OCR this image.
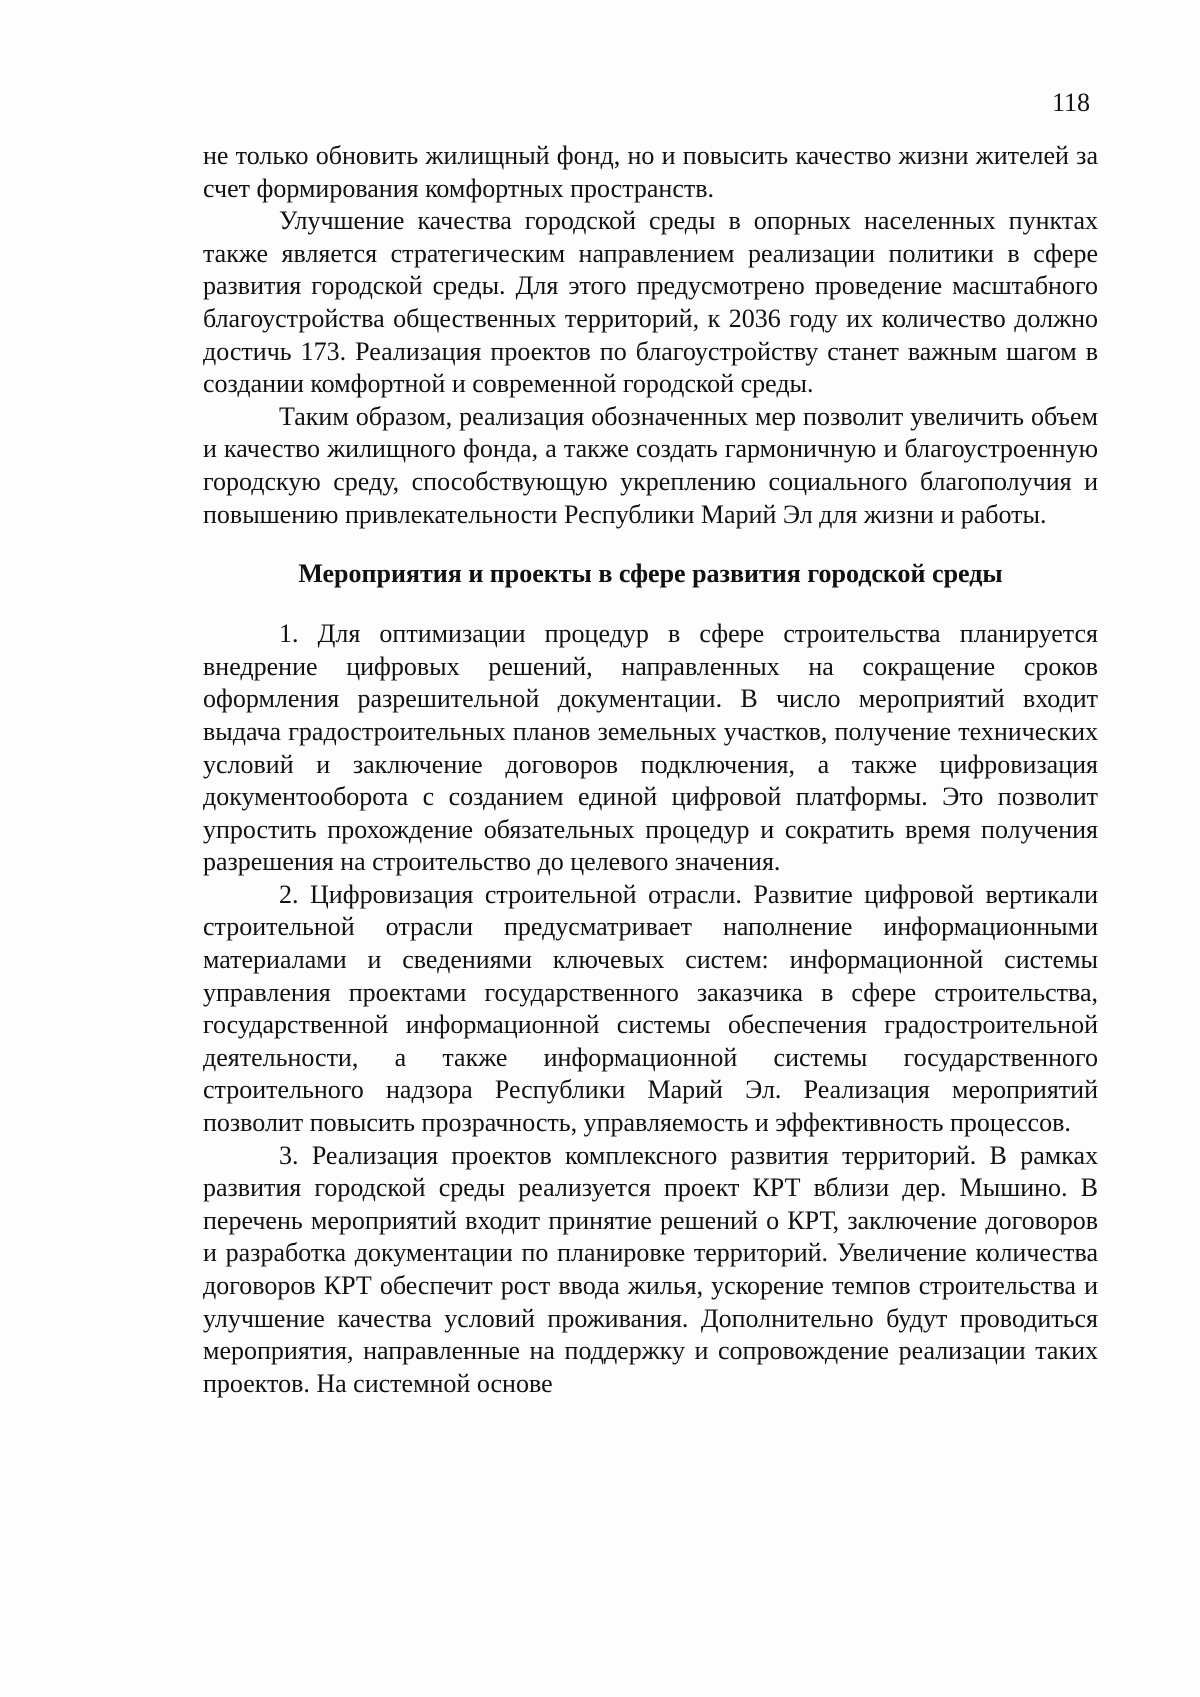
118

не только обновить жилищный фонд, но и повысить качество жизни жителей за счет формирования комфортных пространств.

Улучшение качества городской среды в опорных населенных пунктах также является стратегическим направлением реализации политики в сфере развития городской среды. Для этого предусмотрено проведение масштабного благоустройства общественных территорий, к 2036 году их количество должно достичь 173. Реализация проектов по благоустройству станет важным шагом в создании комфортной и современной городской среды.

Таким образом, реализация обозначенных мер позволит увеличить объем и качество жилищного фонда, а также создать гармоничную и благоустроенную городскую среду, способствующую укреплению социального благополучия и повышению привлекательности Республики Марий Эл для жизни и работы.

Мероприятия и проекты в сфере развития городской среды

1. Для оптимизации процедур в сфере строительства планируется внедрение цифровых решений, направленных на сокращение сроков оформления разрешительной документации. В число мероприятий входит выдача градостроительных планов земельных участков, получение технических условий и заключение договоров подключения, а также цифровизация документооборота с созданием единой цифровой платформы. Это позволит упростить прохождение обязательных процедур и сократить время получения разрешения на строительство до целевого значения.

2. Цифровизация строительной отрасли. Развитие цифровой вертикали строительной отрасли предусматривает наполнение информационными материалами и сведениями ключевых систем: информационной системы управления проектами государственного заказчика в сфере строительства, государственной информационной системы обеспечения градостроительной деятельности, а также информационной системы государственного строительного надзора Республики Марий Эл. Реализация мероприятий позволит повысить прозрачность, управляемость и эффективность процессов.

3. Реализация проектов комплексного развития территорий. В рамках развития городской среды реализуется проект КРТ вблизи дер. Мышино. В перечень мероприятий входит принятие решений о КРТ, заключение договоров и разработка документации по планировке территорий. Увеличение количества договоров КРТ обеспечит рост ввода жилья, ускорение темпов строительства и улучшение качества условий проживания. Дополнительно будут проводиться мероприятия, направленные на поддержку и сопровождение реализации таких проектов. На системной основе
